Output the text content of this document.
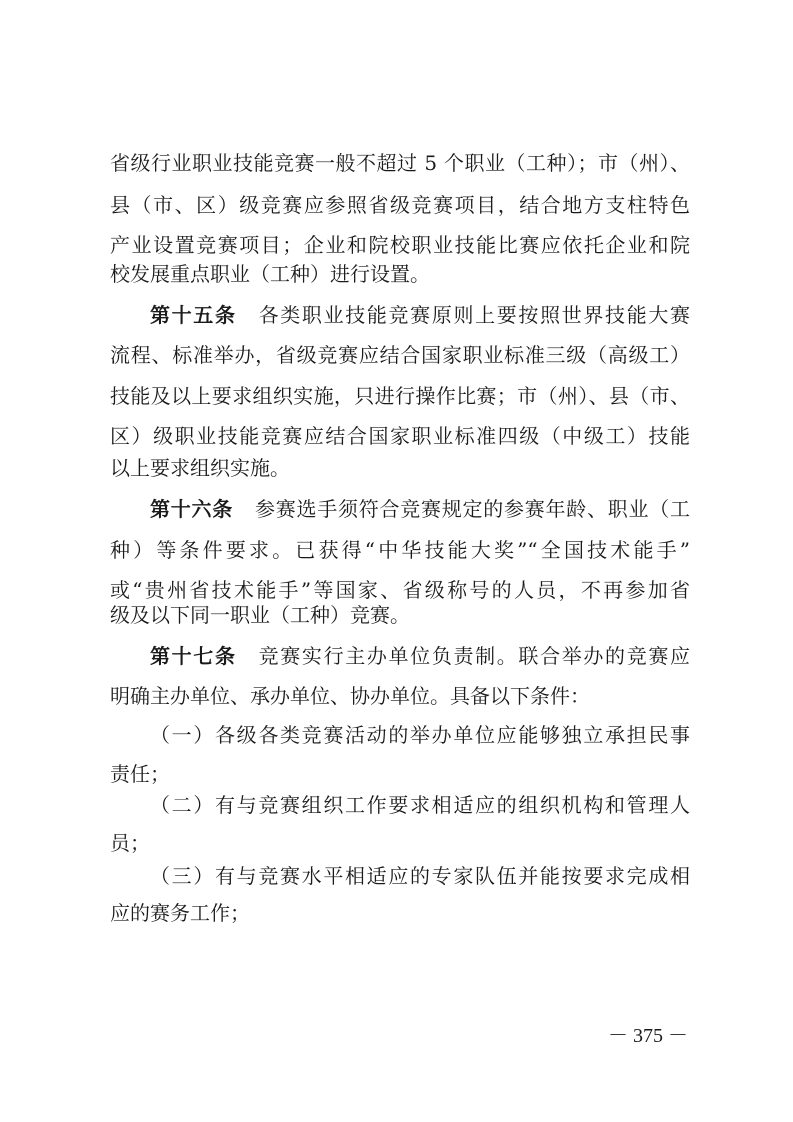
省级行业职业技能竞赛一般不超过 5 个职业（工种）；市（州）、
县（市、区）级竞赛应参照省级竞赛项目，结合地方支柱特色
产业设置竞赛项目；企业和院校职业技能比赛应依托企业和院
校发展重点职业（工种）进行设置。
第十五条 各类职业技能竞赛原则上要按照世界技能大赛
流程、标准举办，省级竞赛应结合国家职业标准三级（高级工）
技能及以上要求组织实施，只进行操作比赛；市（州）、县（市、
区）级职业技能竞赛应结合国家职业标准四级（中级工）技能
以上要求组织实施。
第十六条 参赛选手须符合竞赛规定的参赛年龄、职业（工
种）等条件要求。已获得“中华技能大奖”“全国技术能手”
或“贵州省技术能手”等国家、省级称号的人员，不再参加省
级及以下同一职业（工种）竞赛。
第十七条 竞赛实行主办单位负责制。联合举办的竞赛应
明确主办单位、承办单位、协办单位。具备以下条件：
（一）各级各类竞赛活动的举办单位应能够独立承担民事
责任；
（二）有与竞赛组织工作要求相适应的组织机构和管理人
员；
（三）有与竞赛水平相适应的专家队伍并能按要求完成相
应的赛务工作；
－ 375 －
